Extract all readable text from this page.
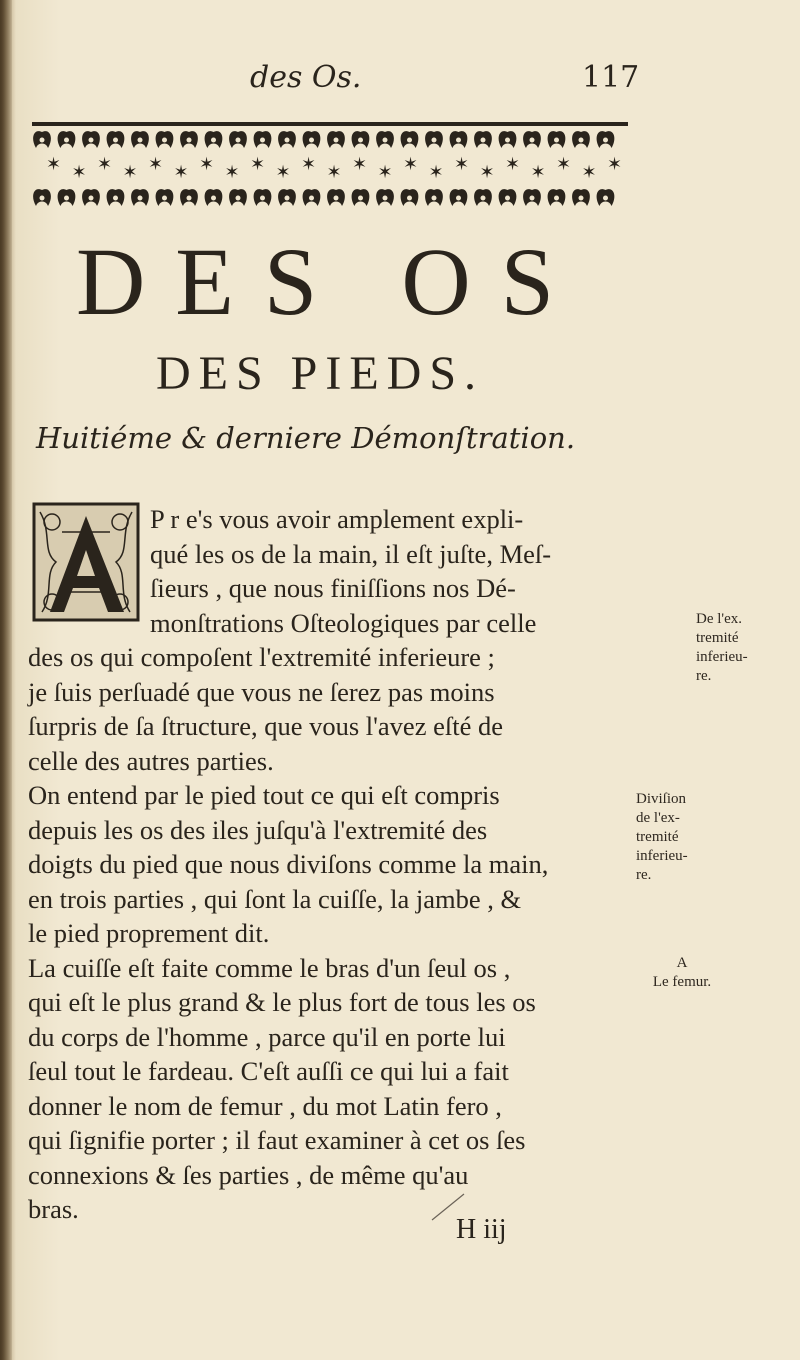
des Os.	117
✶ ✶ ✶ ✶ ✶ ✶ ✶ ✶ ✶ ✶ ✶ ✶ ✶ ✶ ✶ ✶ ✶ ✶ ✶ ✶ ✶ ✶ ✶
DES OS
DES PIEDS.
Huitiéme & derniere Démonſtration.
P r e's vous avoir amplement expli-
qué les os de la main, il eſt juſte, Meſ-
ſieurs , que nous finiſſions nos Dé-
monſtrations Oſteologiques par celle
des os qui compoſent l'extremité inferieure ;
je ſuis perſuadé que vous ne ſerez pas moins
ſurpris de ſa ſtructure, que vous l'avez eſté de
celle des autres parties.
On entend par le pied tout ce qui eſt compris
depuis les os des iles juſqu'à l'extremité des
doigts du pied que nous diviſons comme la main,
en trois parties , qui ſont la cuiſſe, la jambe , &
le pied proprement dit.
La cuiſſe eſt faite comme le bras d'un ſeul os ,
qui eſt le plus grand & le plus fort de tous les os
du corps de l'homme , parce qu'il en porte lui
ſeul tout le fardeau. C'eſt auſſi ce qui lui a fait
donner le nom de femur , du mot Latin fero ,
qui ſignifie porter ; il faut examiner à cet os ſes
connexions & ſes parties , de même qu'au
bras.
De l'ex.
tremité
inferieu-
re.
Diviſion
de l'ex-
tremité
inferieu-
re.
A
Le femur.
H iij
